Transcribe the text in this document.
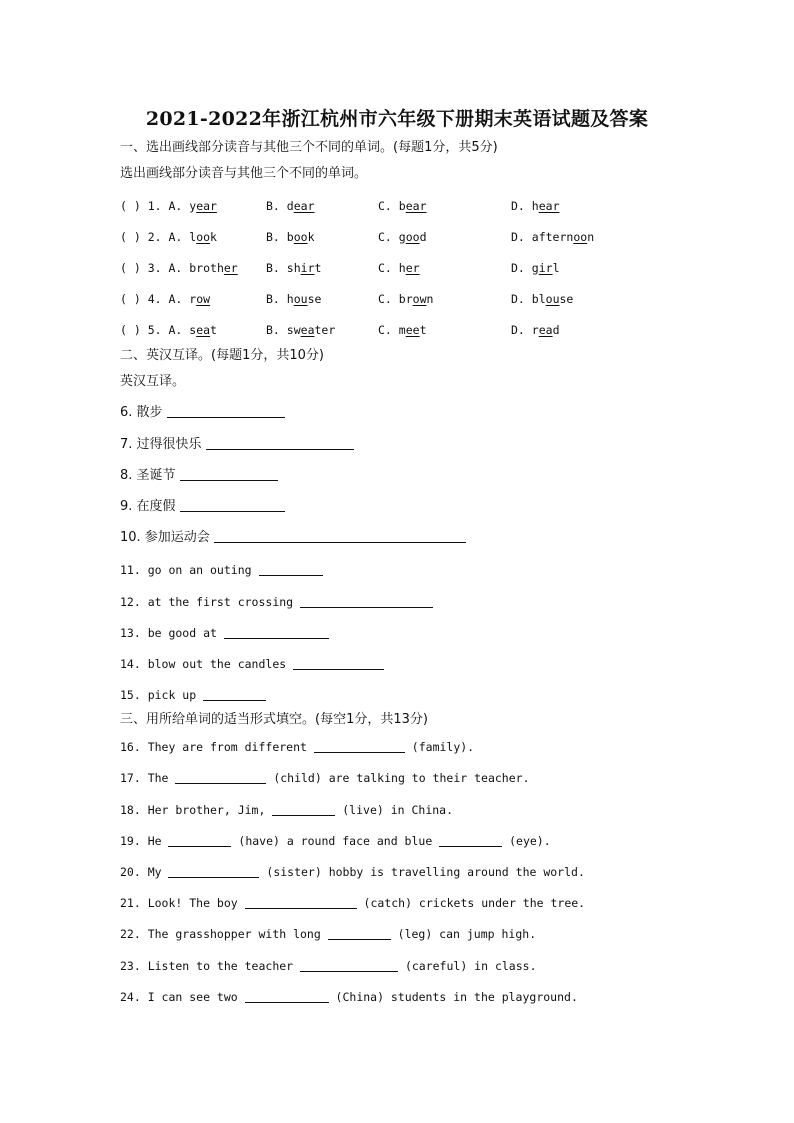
2021-2022年浙江杭州市六年级下册期末英语试题及答案
一、选出画线部分读音与其他三个不同的单词。(每题1分，共5分)
选出画线部分读音与其他三个不同的单词。
( ) 1. A. year	B. dear	C. bear	D. hear
( ) 2. A. look	B. book	C. good	D. afternoon
( ) 3. A. brother B. shirt	C. her	D. girl
( ) 4. A. row	B. house	C. brown	D. blouse
( ) 5. A. seat	B. sweater	C. meet	D. read
二、英汉互译。(每题1分，共10分)
英汉互译。
6. 散步
7. 过得很快乐
8. 圣诞节
9. 在度假
10. 参加运动会
11. go on an outing
12. at the first crossing
13. be good at
14. blow out the candles
15. pick up
三、用所给单词的适当形式填空。(每空1分，共13分)
16. They are from different	(family).
17. The	(child) are talking to their teacher.
18. Her brother, Jim,	(live) in China.
19. He	(have) a round face and blue	(eye).
20. My	(sister) hobby is travelling around the world.
21. Look! The boy	(catch) crickets under the tree.
22. The grasshopper with long	(leg) can jump high.
23. Listen to the teacher	(careful) in class.
24. I can see two	(China) students in the playground.
